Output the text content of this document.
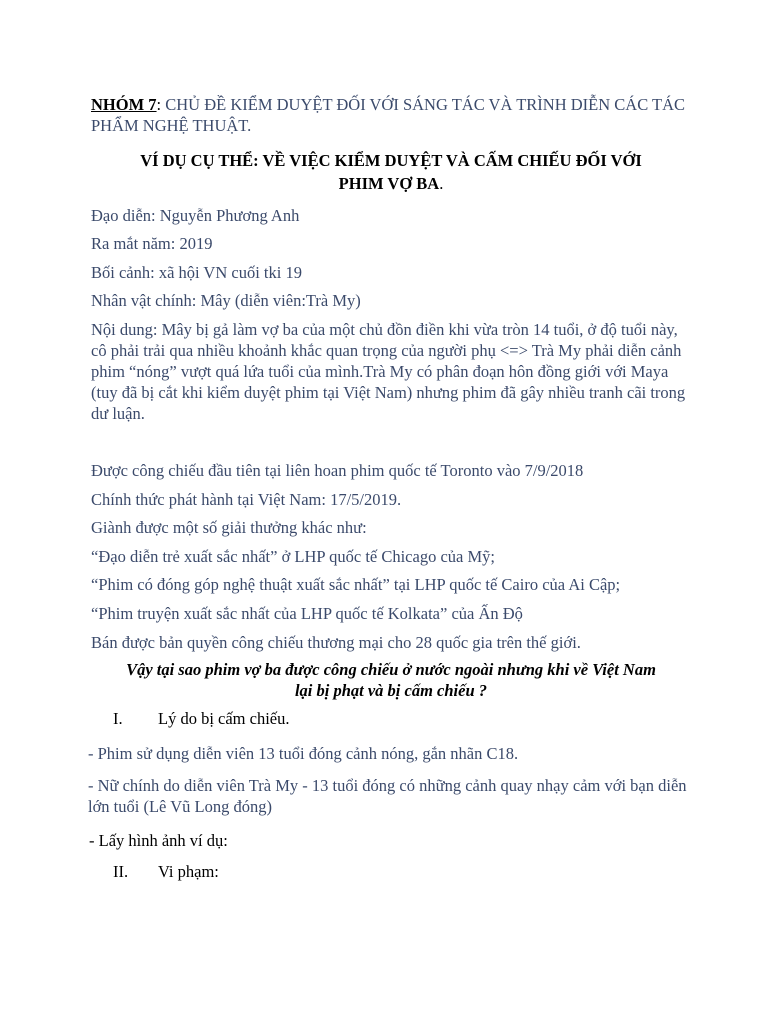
NHÓM 7: CHỦ ĐỀ KIỂM DUYỆT ĐỐI VỚI SÁNG TÁC VÀ TRÌNH DIỄN CÁC TÁC PHẨM NGHỆ THUẬT.
VÍ DỤ CỤ THỂ: VỀ VIỆC KIỂM DUYỆT VÀ CẤM CHIẾU ĐỐI VỚI
PHIM VỢ BA.
Đạo diễn: Nguyễn Phương Anh
Ra mắt năm: 2019
Bối cảnh: xã hội VN cuối tki 19
Nhân vật chính: Mây (diễn viên:Trà My)
Nội dung: Mây bị gả làm vợ ba của một chủ đồn điền khi vừa tròn 14 tuổi, ở độ tuổi này, cô phải trải qua nhiều khoảnh khắc quan trọng của người phụ <=> Trà My phải diễn cảnh phim “nóng” vượt quá lứa tuổi của mình.Trà My có phân đoạn hôn đồng giới với Maya (tuy đã bị cắt khi kiểm duyệt phim tại Việt Nam) nhưng phim đã gây nhiều tranh cãi trong dư luận.
Được công chiếu đầu tiên tại liên hoan phim quốc tế Toronto vào 7/9/2018
Chính thức phát hành tại Việt Nam: 17/5/2019.
Giành được một số giải thưởng khác như:
“Đạo diễn trẻ xuất sắc nhất” ở LHP quốc tế Chicago của Mỹ;
“Phim có đóng góp nghệ thuật xuất sắc nhất” tại LHP quốc tế Cairo của Ai Cập;
“Phim truyện xuất sắc nhất của LHP quốc tế Kolkata” của Ấn Độ
Bán được bản quyền công chiếu thương mại cho 28 quốc gia trên thế giới.
Vậy tại sao phim vợ ba được công chiếu ở nước ngoài nhưng khi về Việt Nam
lại bị phạt và bị cấm chiếu ?
I. Lý do bị cấm chiếu.
- Phim sử dụng diễn viên 13 tuổi đóng cảnh nóng, gắn nhãn C18.
- Nữ chính do diễn viên Trà My - 13 tuổi đóng có những cảnh quay nhạy cảm với bạn diễn lớn tuổi (Lê Vũ Long đóng)
- Lấy hình ảnh ví dụ:
II. Vi phạm:
